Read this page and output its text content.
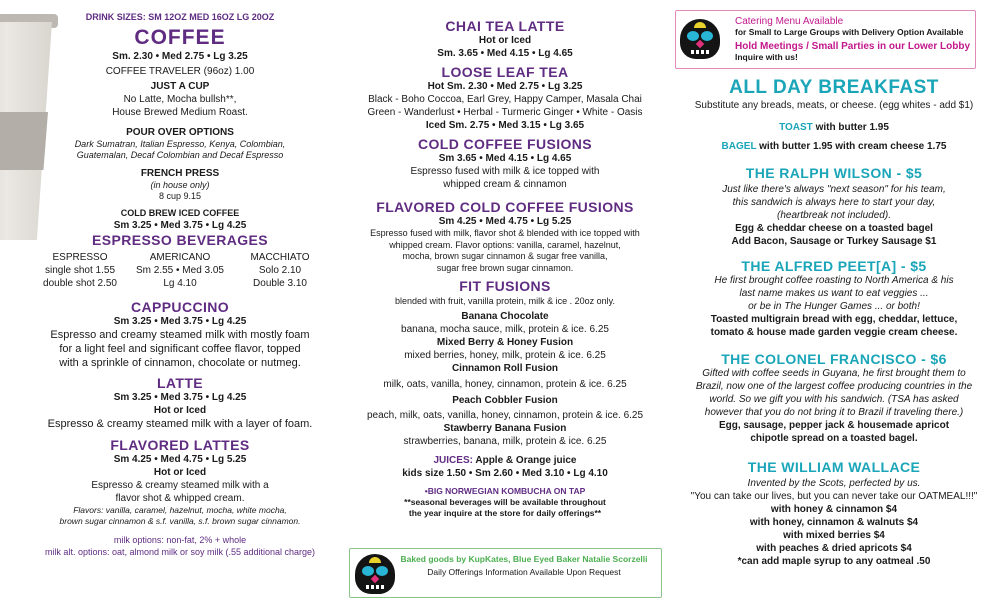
DRINK SIZES: SM 12OZ MED 16OZ LG 20OZ
COFFEE
Sm. 2.30 • Med 2.75 • Lg 3.25
COFFEE TRAVELER (96oz) 1.00
JUST A CUP
No Latte, Mocha bullsh**,
House Brewed Medium Roast.
POUR OVER OPTIONS
Dark Sumatran, Italian Espresso, Kenya, Colombian,
Guatemalan, Decaf Colombian and Decaf Espresso
FRENCH PRESS
(in house only)
8 cup 9.15
COLD BREW ICED COFFEE
Sm 3.25 • Med 3.75 • Lg 4.25
ESPRESSO BEVERAGES
ESPRESSO
single shot 1.55
double shot 2.50
AMERICANO
Sm 2.55 • Med 3.05
Lg 4.10
MACCHIATO
Solo 2.10
Double 3.10
CAPPUCCINO
Sm 3.25 • Med 3.75 • Lg 4.25
Espresso and creamy steamed milk with mostly foam
for a light feel and significant coffee flavor, topped
with a sprinkle of cinnamon, chocolate or nutmeg.
LATTE
Sm 3.25 • Med 3.75 • Lg 4.25
Hot or Iced
Espresso & creamy steamed milk with a layer of foam.
FLAVORED LATTES
Sm 4.25 • Med 4.75 • Lg 5.25
Hot or Iced
Espresso & creamy steamed milk with a
flavor shot & whipped cream.
Flavors: vanilla, caramel, hazelnut, mocha, white mocha,
brown sugar cinnamon & s.f. vanilla, s.f. brown sugar cinnamon.
milk options: non-fat, 2% + whole
milk alt. options: oat, almond milk or soy milk (.55 additional charge)
CHAI TEA LATTE
Hot or Iced
Sm. 3.65 • Med 4.15 • Lg 4.65
LOOSE LEAF TEA
Hot Sm. 2.30 • Med 2.75 • Lg 3.25
Black - Boho Coccoa, Earl Grey, Happy Camper, Masala Chai
Green - Wanderlust • Herbal - Turmeric Ginger • White - Oasis
Iced Sm. 2.75 • Med 3.15 • Lg 3.65
COLD COFFEE FUSIONS
Sm 3.65 • Med 4.15 • Lg 4.65
Espresso fused with milk & ice topped with
whipped cream & cinnamon
FLAVORED COLD COFFEE FUSIONS
Sm 4.25 • Med 4.75 • Lg 5.25
Espresso fused with milk, flavor shot & blended with ice topped with
whipped cream. Flavor options: vanilla, caramel, hazelnut,
mocha, brown sugar cinnamon & sugar free vanilla,
sugar free brown sugar cinnamon.
FIT FUSIONS
blended with fruit, vanilla protein, milk & ice . 20oz only.
Banana Chocolate
banana, mocha sauce, milk, protein & ice. 6.25
Mixed Berry & Honey Fusion
mixed berries, honey, milk, protein & ice. 6.25
Cinnamon Roll Fusion
milk, oats, vanilla, honey, cinnamon, protein & ice. 6.25
Peach Cobbler Fusion
peach, milk, oats, vanilla, honey, cinnamon, protein & ice. 6.25
Stawberry Banana Fusion
strawberries, banana, milk, protein & ice. 6.25
JUICES: Apple & Orange juice
kids size 1.50 • Sm 2.60 • Med 3.10 • Lg 4.10
•BIG NORWEGIAN KOMBUCHA ON TAP
**seasonal beverages will be available throughout
the year inquire at the store for daily offerings**
Baked goods by KupKates, Blue Eyed Baker Natalie Scorzelli
Daily Offerings Information Available Upon Request
Catering Menu Available
for Small to Large Groups with Delivery Option Available
Hold Meetings / Small Parties in our Lower Lobby
Inquire with us!
ALL DAY BREAKFAST
Substitute any breads, meats, or cheese. (egg whites - add $1)
TOAST with butter 1.95
BAGEL with butter 1.95 with cream cheese 1.75
THE RALPH WILSON - $5
Just like there's always "next season" for his team,
this sandwich is always here to start your day,
(heartbreak not included).
Egg & cheddar cheese on a toasted bagel
Add Bacon, Sausage or Turkey Sausage $1
THE ALFRED PEET[A] - $5
He first brought coffee roasting to North America & his
last name makes us want to eat veggies ...
or be in The Hunger Games ... or both!
Toasted multigrain bread with egg, cheddar, lettuce,
tomato & house made garden veggie cream cheese.
THE COLONEL FRANCISCO - $6
Gifted with coffee seeds in Guyana, he first brought them to
Brazil, now one of the largest coffee producing countries in the
world. So we gift you with his sandwich. (TSA has asked
however that you do not bring it to Brazil if traveling there.)
Egg, sausage, pepper jack & housemade apricot
chipotle spread on a toasted bagel.
THE WILLIAM WALLACE
Invented by the Scots, perfected by us.
"You can take our lives, but you can never take our OATMEAL!!!"
with honey & cinnamon $4
with honey, cinnamon & walnuts $4
with mixed berries $4
with peaches & dried apricots $4
*can add maple syrup to any oatmeal .50
